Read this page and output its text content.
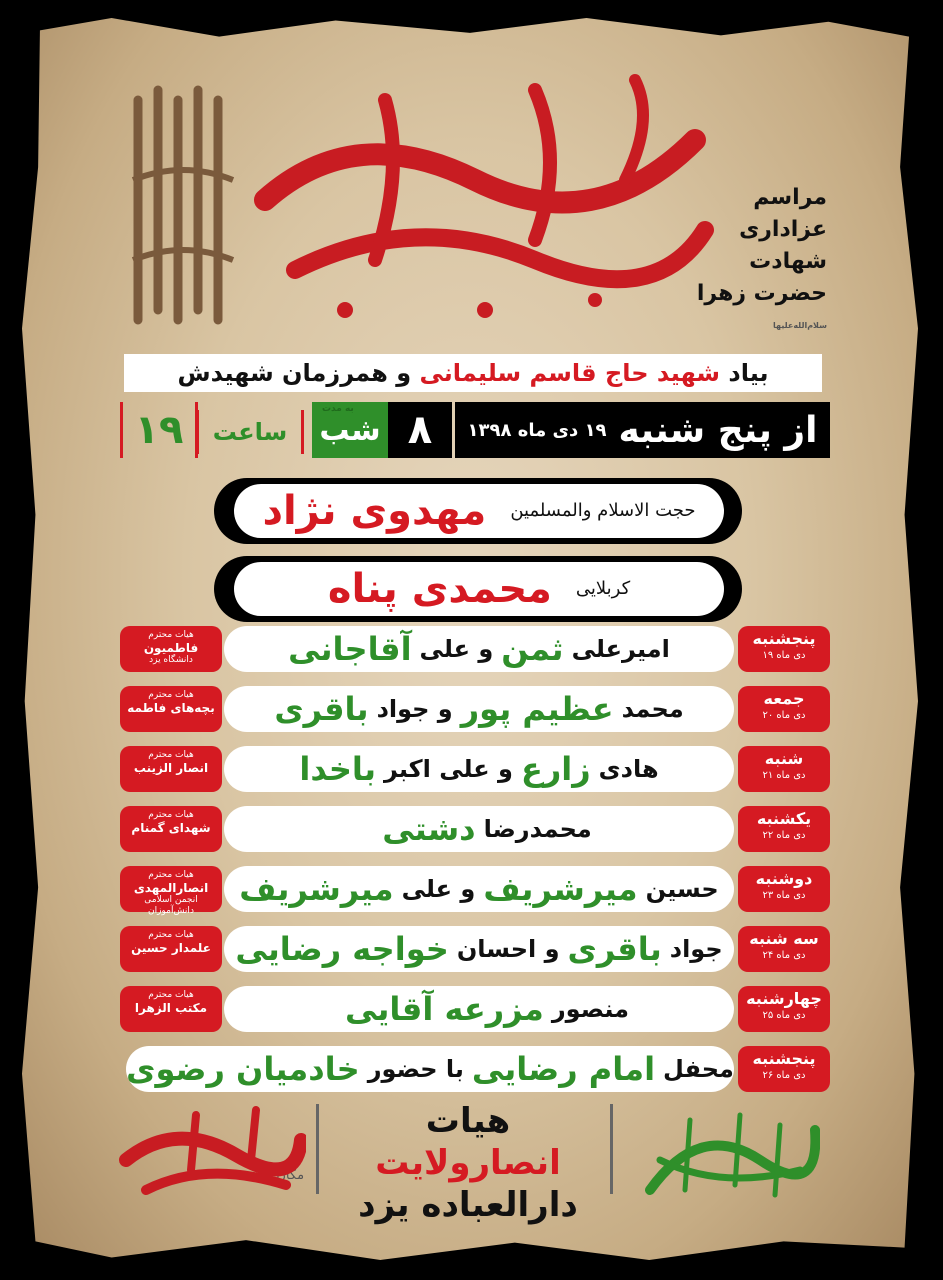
یا حضرت فاطمه
مراسم
عزاداری
شهادت
حضرت زهرا
سلام‌الله‌علیها
بیاد

شهید حاج قاسم سلیمانی

و همرزمان شهیدش
از پنج شنبه
۱۹ دی ماه ۱۳۹۸
۸
به مدت
شب
ساعت
۱۹
حجت الاسلام والمسلمین
مهدوی نژاد
کربلایی
محمدی پناه
پنجشنبه
۱۹ دی ماه
امیرعلی
ثمن
و علی
آقاجانی
هیات محترم
فاطمیون
دانشگاه یزد
جمعه
۲۰ دی ماه
محمد
عظیم پور
و جواد
باقری
هیات محترم
بچه‌های فاطمه
شنبه
۲۱ دی ماه
هادی
زارع
و علی اکبر
باخدا
هیات محترم
انصار الزینب
یکشنبه
۲۲ دی ماه
محمدرضا
دشتی
هیات محترم
شهدای گمنام
دوشنبه
۲۳ دی ماه
حسین
میرشریف
و علی
میرشریف
هیات محترم
انصارالمهدی
انجمن اسلامی دانش‌آموزان
سه شنبه
۲۴ دی ماه
جواد
باقری
و احسان
خواجه رضایی
هیات محترم
علمدار حسین
چهارشنبه
۲۵ دی ماه
منصور
مزرعه آقایی
هیات محترم
مکتب الزهرا
پنجشنبه
۲۶ دی ماه
محفل
امام رضایی
با حضور
خادمیان رضوی
هیات انصارولایت
دارالعباده یزد
مکان:
مسجد جامع یزد
لطف او کار جهان آراست
